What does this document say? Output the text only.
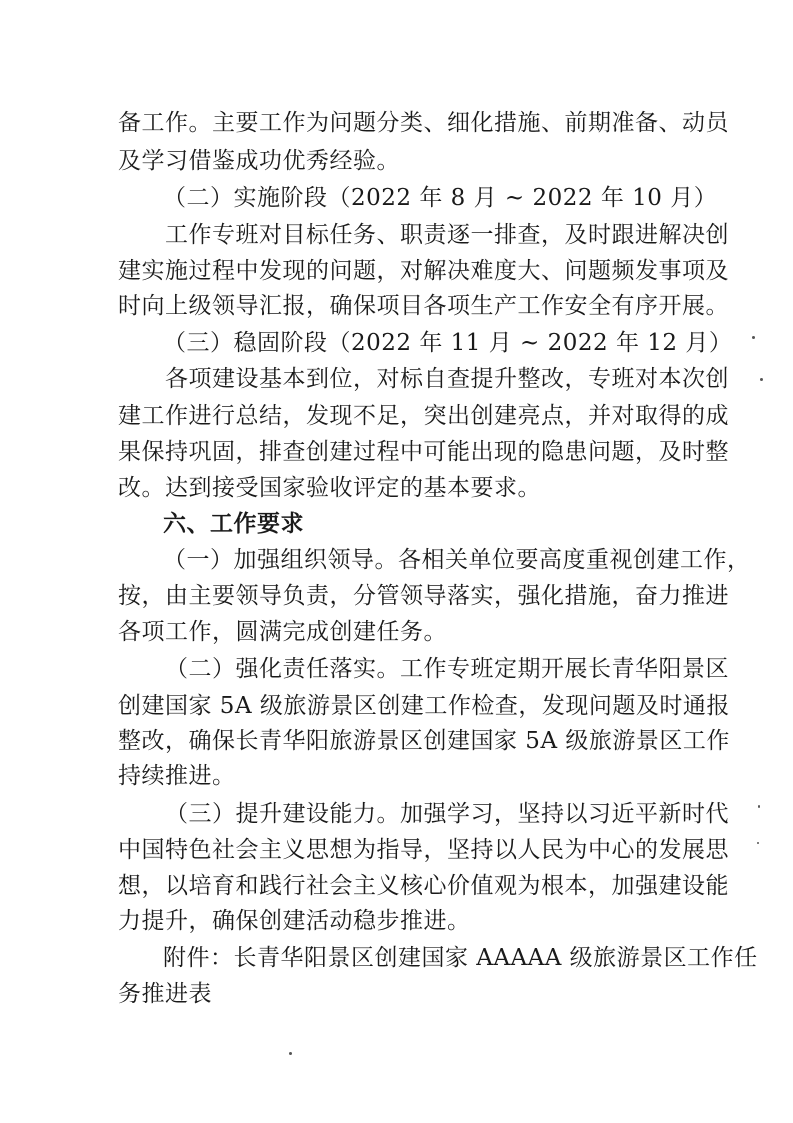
备工作。主要工作为问题分类、细化措施、前期准备、动员
及学习借鉴成功优秀经验。
（二）实施阶段（2022 年 8 月 ~ 2022 年 10 月）
工作专班对目标任务、职责逐一排查，及时跟进解决创
建实施过程中发现的问题，对解决难度大、问题频发事项及
时向上级领导汇报，确保项目各项生产工作安全有序开展。
（三）稳固阶段（2022 年 11 月 ~ 2022 年 12 月）
各项建设基本到位，对标自查提升整改，专班对本次创
建工作进行总结，发现不足，突出创建亮点，并对取得的成
果保持巩固，排查创建过程中可能出现的隐患问题，及时整
改。达到接受国家验收评定的基本要求。
六、工作要求
（一）加强组织领导。各相关单位要高度重视创建工作，
按，由主要领导负责，分管领导落实，强化措施，奋力推进
各项工作，圆满完成创建任务。
（二）强化责任落实。工作专班定期开展长青华阳景区
创建国家 5A 级旅游景区创建工作检查，发现问题及时通报
整改，确保长青华阳旅游景区创建国家 5A 级旅游景区工作
持续推进。
（三）提升建设能力。加强学习，坚持以习近平新时代
中国特色社会主义思想为指导，坚持以人民为中心的发展思
想，以培育和践行社会主义核心价值观为根本，加强建设能
力提升，确保创建活动稳步推进。
附件：长青华阳景区创建国家 AAAAA 级旅游景区工作任
务推进表
